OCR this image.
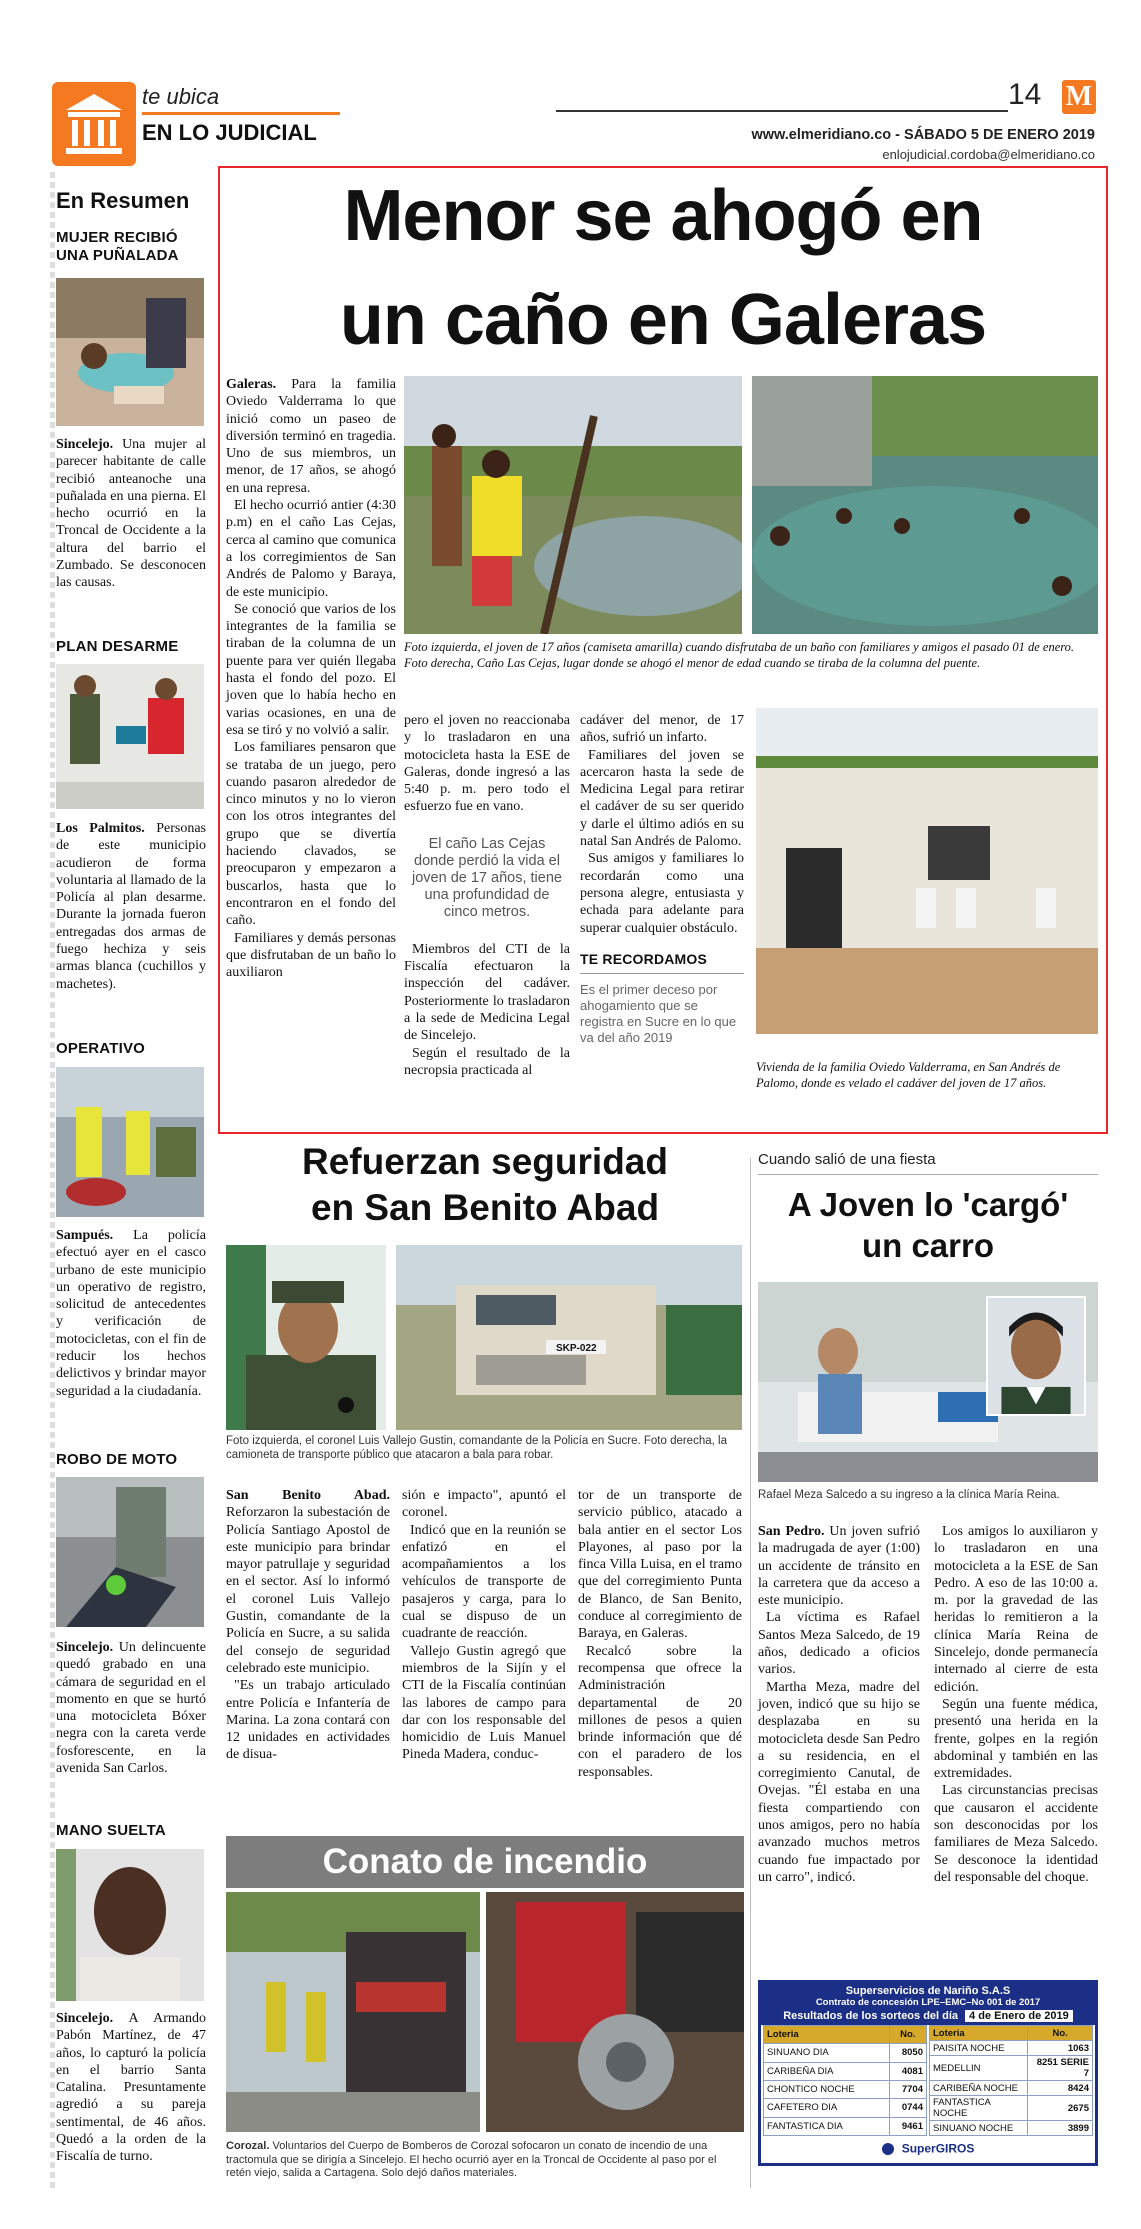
te ubica
EN LO JUDICIAL
14 M
www.elmeridiano.co - SÁBADO 5 DE ENERO 2019
enlojudicial.cordoba@elmeridiano.co
En Resumen
MUJER RECIBIÓ UNA PUÑALADA

Sincelejo. Una mujer al parecer habitante de calle recibió anteanoche una puñalada en una pierna. El hecho ocurrió en la Troncal de Occidente a la altura del barrio el Zumbado. Se desconocen las causas.

PLAN DESARME

Los Palmitos. Personas de este municipio acudieron de forma voluntaria al llamado de la Policía al plan desarme. Durante la jornada fueron entregadas dos armas de fuego hechiza y seis armas blanca (cuchillos y machetes).

OPERATIVO

Sampués. La policía efectuó ayer en el casco urbano de este municipio un operativo de registro, solicitud de antecedentes y verificación de motocicletas, con el fin de reducir los hechos delictivos y brindar mayor seguridad a la ciudadanía.

ROBO DE MOTO

Sincelejo. Un delincuente quedó grabado en una cámara de seguridad en el momento en que se hurtó una motocicleta Bóxer negra con la careta verde fosforescente, en la avenida San Carlos.

MANO SUELTA

Sincelejo. A Armando Pabón Martínez, de 47 años, lo capturó la policía en el barrio Santa Catalina. Presuntamente agredió a su pareja sentimental, de 46 años. Quedó a la orden de la Fiscalía de turno.

Menor se ahogó en
un caño en Galeras

Galeras. Para la familia Oviedo Valderrama lo que inició como un paseo de diversión terminó en tragedia. Uno de sus miembros, un menor, de 17 años, se ahogó en una represa.

El hecho ocurrió antier (4:30 p.m) en el caño Las Cejas, cerca al camino que comunica a los corregimientos de San Andrés de Palomo y Baraya, de este municipio.

Se conoció que varios de los integrantes de la familia se tiraban de la columna de un puente para ver quién llegaba hasta el fondo del pozo. El joven que lo había hecho en varias ocasiones, en una de esa se tiró y no volvió a salir.

Los familiares pensaron que se trataba de un juego, pero cuando pasaron alrededor de cinco minutos y no lo vieron con los otros integrantes del grupo que se divertía haciendo clavados, se preocuparon y empezaron a buscarlos, hasta que lo encontraron en el fondo del caño.

Familiares y demás personas que disfrutaban de un baño lo auxiliaron

Foto izquierda, el joven de 17 años (camiseta amarilla) cuando disfrutaba de un baño con familiares y amigos el pasado 01 de enero. Foto derecha, Caño Las Cejas, lugar donde se ahogó el menor de edad cuando se tiraba de la columna del puente.

pero el joven no reaccionaba y lo trasladaron en una motocicleta hasta la ESE de Galeras, donde ingresó a las 5:40 p. m. pero todo el esfuerzo fue en vano.

El caño Las Cejas donde perdió la vida el joven de 17 años, tiene una profundidad de cinco metros.

Miembros del CTI de la Fiscalía efectuaron la inspección del cadáver. Posteriormente lo trasladaron a la sede de Medicina Legal de Sincelejo.

Según el resultado de la necropsia practicada al

cadáver del menor, de 17 años, sufrió un infarto.

Familiares del joven se acercaron hasta la sede de Medicina Legal para retirar el cadáver de su ser querido y darle el último adiós en su natal San Andrés de Palomo.

Sus amigos y familiares lo recordarán como una persona alegre, entusiasta y echada para adelante para superar cualquier obstáculo.

TE RECORDAMOS

Es el primer deceso por ahogamiento que se registra en Sucre en lo que va del año 2019

Vivienda de la familia Oviedo Valderrama, en San Andrés de Palomo, donde es velado el cadáver del joven de 17 años.

Refuerzan seguridad
en San Benito Abad
SKP-022

Foto izquierda, el coronel Luis Vallejo Gustin, comandante de la Policía en Sucre. Foto derecha, la camioneta de transporte público que atacaron a bala para robar.

San Benito Abad. Reforzaron la subestación de Policía Santiago Apostol de este municipio para brindar mayor patrullaje y seguridad en el sector. Así lo informó el coronel Luis Vallejo Gustin, comandante de la Policía en Sucre, a su salida del consejo de seguridad celebrado este municipio.

"Es un trabajo articulado entre Policía e Infantería de Marina. La zona contará con 12 unidades en actividades de disua-

sión e impacto", apuntó el coronel.

Indicó que en la reunión se enfatizó en el acompañamientos a los vehículos de transporte de pasajeros y carga, para lo cual se dispuso de un cuadrante de reacción.

Vallejo Gustin agregó que miembros de la Sijín y el CTI de la Fiscalía continúan las labores de campo para dar con los responsable del homicidio de Luis Manuel Pineda Madera, conduc-

tor de un transporte de servicio público, atacado a bala antier en el sector Los Playones, al paso por la finca Villa Luisa, en el tramo que del corregimiento Punta de Blanco, de San Benito, conduce al corregimiento de Baraya, en Galeras.

Recalcó sobre la recompensa que ofrece la Administración departamental de 20 millones de pesos a quien brinde información que dé con el paradero de los responsables.

Conato de incendio

Corozal. Voluntarios del Cuerpo de Bomberos de Corozal sofocaron un conato de incendio de una tractomula que se dirigía a Sincelejo. El hecho ocurrió ayer en la Troncal de Occidente al paso por el retén viejo, salida a Cartagena. Solo dejó daños materiales.

Cuando salió de una fiesta
A Joven lo 'cargó'
un carro

Rafael Meza Salcedo a su ingreso a la clínica María Reina.

San Pedro. Un joven sufrió la madrugada de ayer (1:00) un accidente de tránsito en la carretera que da acceso a este municipio.

La víctima es Rafael Santos Meza Salcedo, de 19 años, dedicado a oficios varios.

Martha Meza, madre del joven, indicó que su hijo se desplazaba en su motocicleta desde San Pedro a su residencia, en el corregimiento Canutal, de Ovejas. "Él estaba en una fiesta compartiendo con unos amigos, pero no había avanzado muchos metros cuando fue impactado por un carro", indicó.

Los amigos lo auxiliaron y lo trasladaron en una motocicleta a la ESE de San Pedro. A eso de las 10:00 a. m. por la gravedad de las heridas lo remitieron a la clínica María Reina de Sincelejo, donde permanecía internado al cierre de esta edición.

Según una fuente médica, presentó una herida en la frente, golpes en la región abdominal y también en las extremidades.

Las circunstancias precisas que causaron el accidente son desconocidas por los familiares de Meza Salcedo. Se desconoce la identidad del responsable del choque.

Superservicios de Nariño S.A.S
Contrato de concesión LPE–EMC–No 001 de 2017
Resultados de los sorteos del día 4 de Enero de 2019
Loteria	No.
SINUANO DIA	8050
CARIBEÑA DIA	4081
CHONTICO NOCHE	7704
CAFETERO DIA	0744
FANTASTICA DIA	9461
Loteria	No.
PAISITA NOCHE	1063
MEDELLIN	8251 SERIE 7
CARIBEÑA NOCHE	8424
FANTASTICA NOCHE	2675
SINUANO NOCHE	3899
SuperGIROS
